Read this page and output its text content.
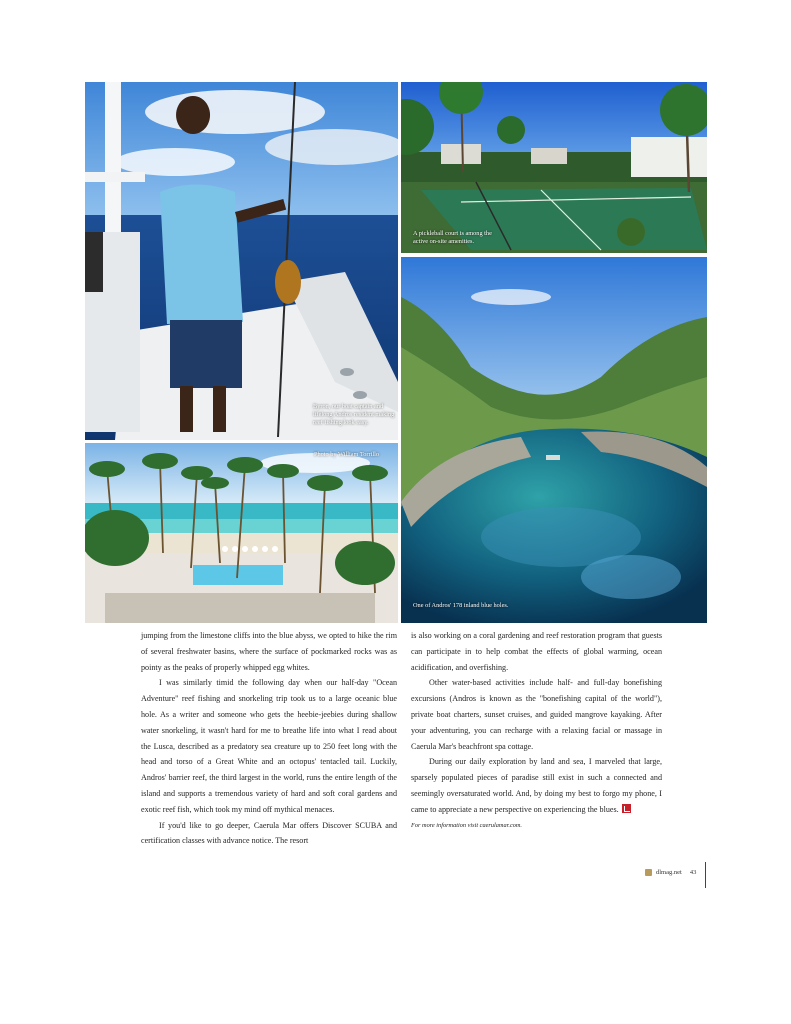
Byron, our boat captain and lifelong Andros resident making reef fishing look easy.
A pickleball court is among the active on-site amenities.
Photo by William Torrillo
One of Andros' 178 inland blue holes.

jumping from the limestone cliffs into the blue abyss, we opted to hike the rim of several freshwater basins, where the surface of pockmarked rocks was as pointy as the peaks of properly whipped egg whites.

I was similarly timid the following day when our half-day "Ocean Adventure" reef fishing and snorkeling trip took us to a large oceanic blue hole. As a writer and someone who gets the heebie-jeebies during shallow water snorkeling, it wasn't hard for me to breathe life into what I read about the Lusca, described as a predatory sea creature up to 250 feet long with the head and torso of a Great White and an octopus' tentacled tail. Luckily, Andros' barrier reef, the third largest in the world, runs the entire length of the island and supports a tremendous variety of hard and soft coral gardens and exotic reef fish, which took my mind off mythical menaces.

If you'd like to go deeper, Caerula Mar offers Discover SCUBA and certification classes with advance notice. The resort

is also working on a coral gardening and reef restoration program that guests can participate in to help combat the effects of global warming, ocean acidification, and overfishing.

Other water-based activities include half- and full-day bonefishing excursions (Andros is known as the "bonefishing capital of the world"), private boat charters, sunset cruises, and guided mangrove kayaking. After your adventuring, you can recharge with a relaxing facial or massage in Caerula Mar's beachfront spa cottage.

During our daily exploration by land and sea, I marveled that large, sparsely populated pieces of paradise still exist in such a connected and seemingly oversaturated world. And, by doing my best to forgo my phone, I came to appreciate a new perspective on experiencing the blues.

For more information visit caerulamar.com.

dlmag.net 43
